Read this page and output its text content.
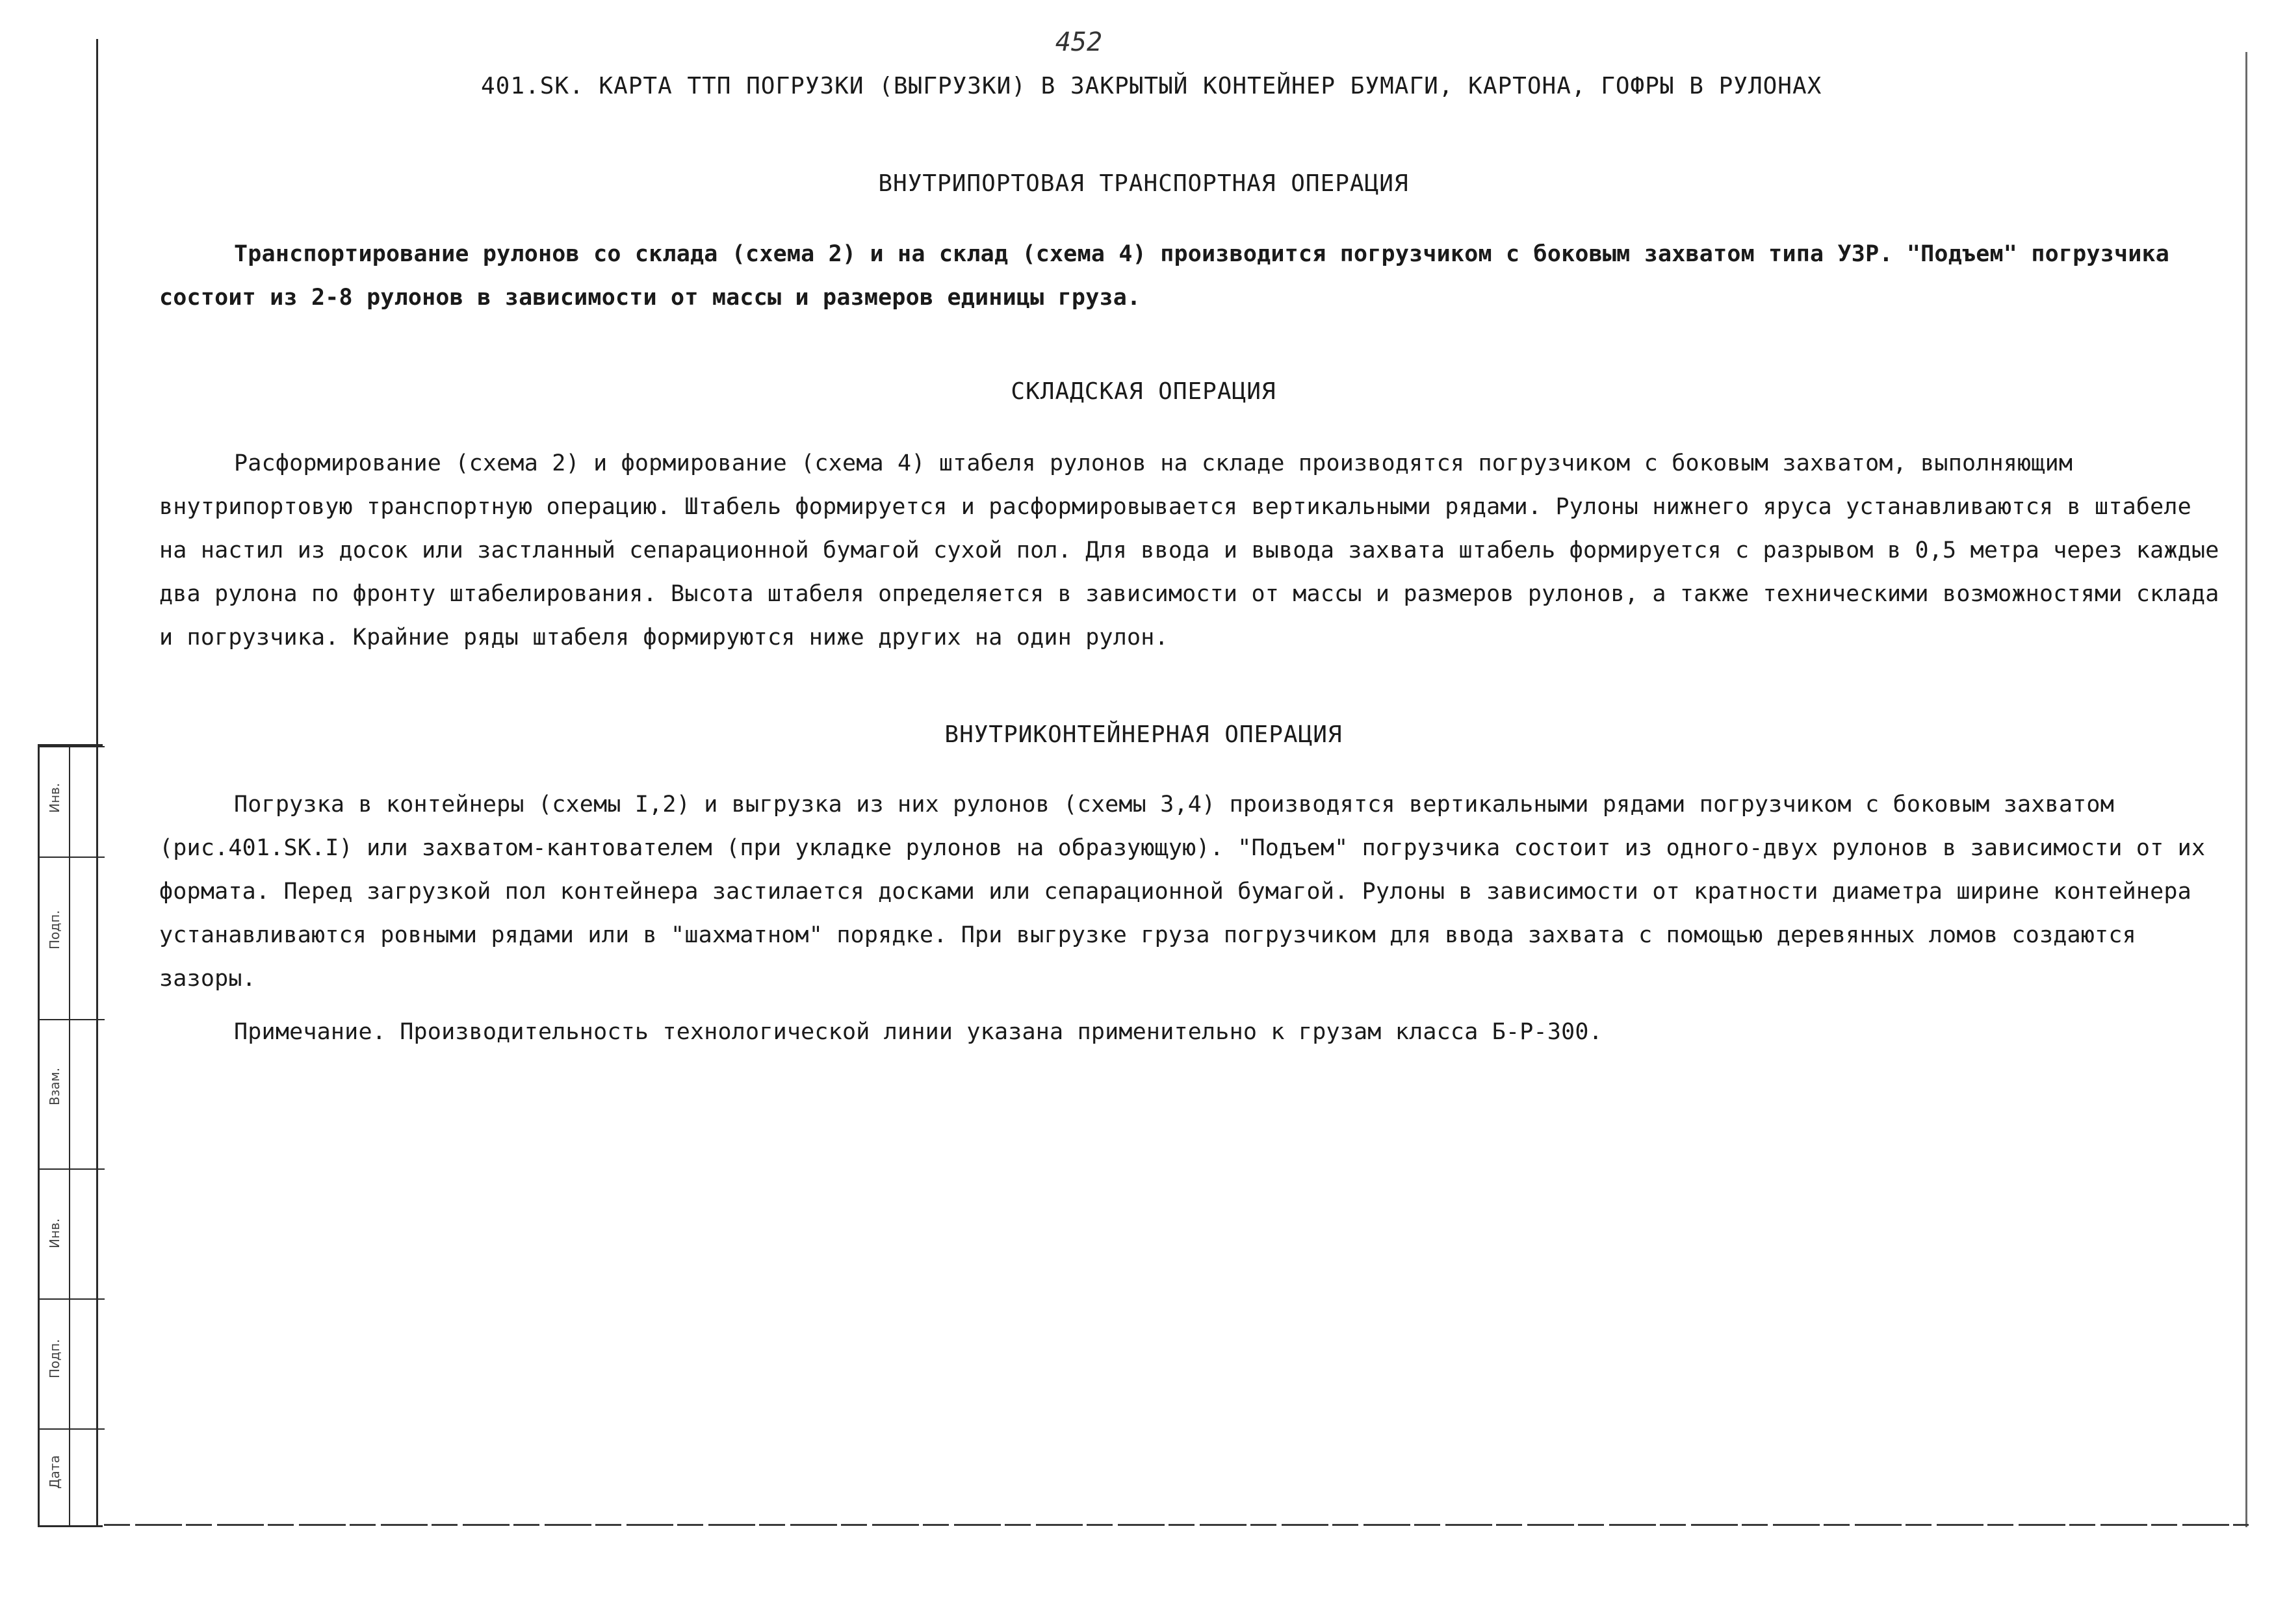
Инв.
Подп.
Взам.
Инв.
Подп.
Дата
452
401.SK. КАРТА ТТП ПОГРУЗКИ (ВЫГРУЗКИ) В ЗАКРЫТЫЙ КОНТЕЙНЕР БУМАГИ, КАРТОНА, ГОФРЫ В РУЛОНАХ
ВНУТРИПОРТОВАЯ ТРАНСПОРТНАЯ ОПЕРАЦИЯ
Транспортирование рулонов со склада (схема 2) и на склад (схема 4) производится погрузчиком с боковым захватом типа УЗР. "Подъем" погрузчика состоит из 2-8 рулонов в зависимости от массы и размеров единицы груза.
СКЛАДСКАЯ ОПЕРАЦИЯ
Расформирование (схема 2) и формирование (схема 4) штабеля рулонов на складе производятся погрузчиком с боковым захватом, выполняющим внутрипортовую транспортную операцию. Штабель формируется и расформировывается вертикальными рядами. Рулоны нижнего яруса устанавливаются в штабеле на настил из досок или застланный сепарационной бумагой сухой пол. Для ввода и вывода захвата штабель формируется с разрывом в 0,5 метра через каждые два рулона по фронту штабелирования. Высота штабеля определяется в зависимости от массы и размеров рулонов, а также техническими возможностями склада и погрузчика. Крайние ряды штабеля формируются ниже других на один рулон.
ВНУТРИКОНТЕЙНЕРНАЯ ОПЕРАЦИЯ
Погрузка в контейнеры (схемы I,2) и выгрузка из них рулонов (схемы 3,4) производятся вертикальными рядами погрузчиком с боковым захватом (рис.401.SK.I) или захватом-кантователем (при укладке рулонов на образующую). "Подъем" погрузчика состоит из одного-двух рулонов в зависимости от их формата. Перед загрузкой пол контейнера застилается досками или сепарационной бумагой. Рулоны в зависимости от кратности диаметра ширине контейнера устанавливаются ровными рядами или в "шахматном" порядке. При выгрузке груза погрузчиком для ввода захвата с помощью деревянных ломов создаются зазоры.
Примечание. Производительность технологической линии указана применительно к грузам класса Б-Р-300.
